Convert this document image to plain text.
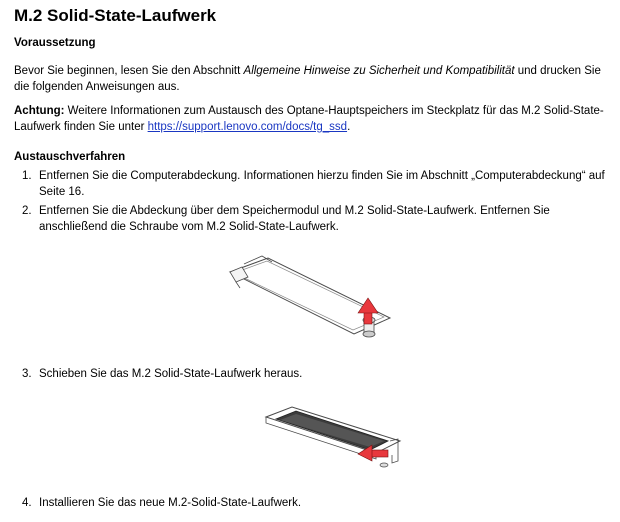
M.2 Solid-State-Laufwerk
Voraussetzung

Bevor Sie beginnen, lesen Sie den Abschnitt Allgemeine Hinweise zu Sicherheit und Kompatibilität und drucken Sie die folgenden Anweisungen aus.

Achtung: Weitere Informationen zum Austausch des Optane-Hauptspeichers im Steckplatz für das M.2 Solid-State-Laufwerk finden Sie unter https://support.lenovo.com/docs/tg_ssd.

Austauschverfahren
1. Entfernen Sie die Computerabdeckung. Informationen hierzu finden Sie im Abschnitt „Computerabdeckung“ auf Seite 16.
2. Entfernen Sie die Abdeckung über dem Speichermodul und M.2 Solid-State-Laufwerk. Entfernen Sie anschließend die Schraube vom M.2 Solid-State-Laufwerk.
3. Schieben Sie das M.2 Solid-State-Laufwerk heraus.
4. Installieren Sie das neue M.2-Solid-State-Laufwerk.
